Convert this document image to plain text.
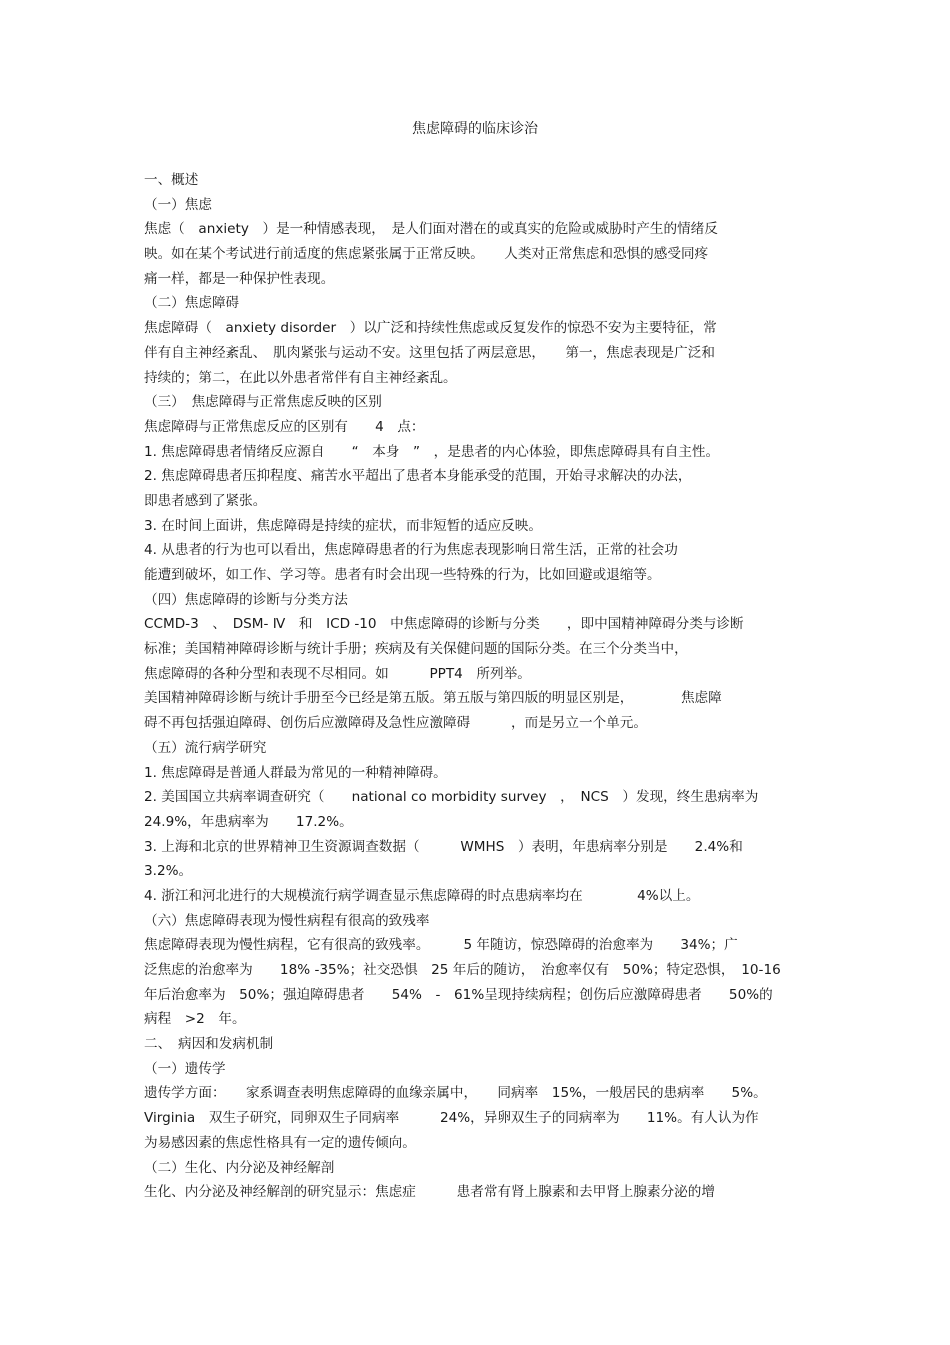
焦虑障碍的临床诊治
一、概述
（一）焦虑
焦虑（　anxiety　）是一种情感表现，　是人们面对潜在的或真实的危险或威胁时产生的情绪反
映。如在某个考试进行前适度的焦虑紧张属于正常反映。　　人类对正常焦虑和恐惧的感受同疼
痛一样，都是一种保护性表现。
（二）焦虑障碍
焦虑障碍（　anxiety disorder　）以广泛和持续性焦虑或反复发作的惊恐不安为主要特征，常
伴有自主神经紊乱、　肌肉紧张与运动不安。这里包括了两层意思，　　第一，焦虑表现是广泛和
持续的；第二，在此以外患者常伴有自主神经紊乱。
（三）　焦虑障碍与正常焦虑反映的区别
焦虑障碍与正常焦虑反应的区别有　　4　点：
1. 焦虑障碍患者情绪反应源自　　“　本身　”　，是患者的内心体验，即焦虑障碍具有自主性。
2. 焦虑障碍患者压抑程度、痛苦水平超出了患者本身能承受的范围，开始寻求解决的办法，
即患者感到了紧张。
3. 在时间上面讲，焦虑障碍是持续的症状，而非短暂的适应反映。
4. 从患者的行为也可以看出，焦虑障碍患者的行为焦虑表现影响日常生活，正常的社会功
能遭到破坏，如工作、学习等。患者有时会出现一些特殊的行为，比如回避或退缩等。
（四）焦虑障碍的诊断与分类方法
CCMD-3　、　DSM- Ⅳ　和　ICD -10　中焦虑障碍的诊断与分类　　，即中国精神障碍分类与诊断
标准；美国精神障碍诊断与统计手册；疾病及有关保健问题的国际分类。在三个分类当中，
焦虑障碍的各种分型和表现不尽相同。如　　　PPT4　所列举。
美国精神障碍诊断与统计手册至今已经是第五版。第五版与第四版的明显区别是，　　　　焦虑障
碍不再包括强迫障碍、创伤后应激障碍及急性应激障碍　　　，而是另立一个单元。
（五）流行病学研究
1. 焦虑障碍是普通人群最为常见的一种精神障碍。
2. 美国国立共病率调查研究（　　national co morbidity survey　，　NCS　）发现，终生患病率为
24.9%，年患病率为　　17.2%。
3. 上海和北京的世界精神卫生资源调查数据（　　　WMHS　）表明，年患病率分别是　　2.4%和
3.2%。
4. 浙江和河北进行的大规模流行病学调查显示焦虑障碍的时点患病率均在　　　　4%以上。
（六）焦虑障碍表现为慢性病程有很高的致残率
焦虑障碍表现为慢性病程，它有很高的致残率。　　　5 年随访，惊恐障碍的治愈率为　　34%；广
泛焦虑的治愈率为　　18% -35%；社交恐惧　25 年后的随访，　治愈率仅有　50%；特定恐惧，　10-16
年后治愈率为　50%；强迫障碍患者　　54%　-　61%呈现持续病程；创伤后应激障碍患者　　50%的
病程　>2　年。
二、　病因和发病机制
（一）遗传学
遗传学方面：　　家系调查表明焦虑障碍的血缘亲属中，　　同病率　15%，一般居民的患病率　　5%。
Virginia　双生子研究，同卵双生子同病率　　　24%，异卵双生子的同病率为　　11%。有人认为作
为易感因素的焦虑性格具有一定的遗传倾向。
（二）生化、内分泌及神经解剖
生化、内分泌及神经解剖的研究显示：焦虑症　　　患者常有肾上腺素和去甲肾上腺素分泌的增
